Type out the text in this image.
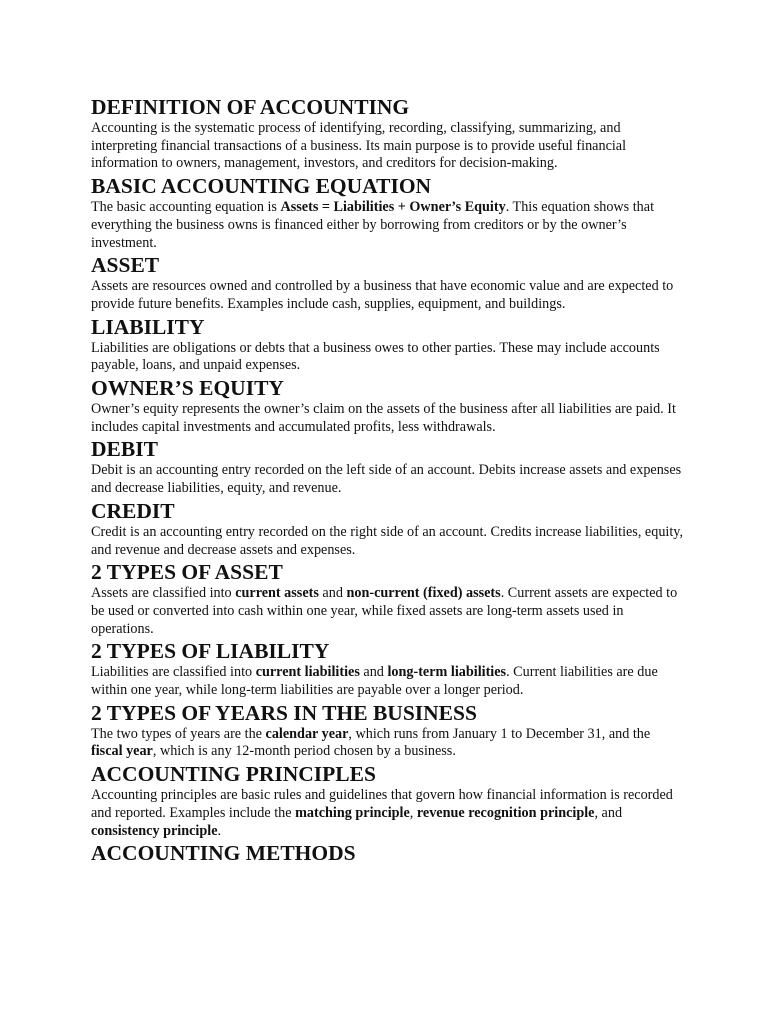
DEFINITION OF ACCOUNTING

Accounting is the systematic process of identifying, recording, classifying, summarizing, and interpreting financial transactions of a business. Its main purpose is to provide useful financial information to owners, management, investors, and creditors for decision-making.

BASIC ACCOUNTING EQUATION

The basic accounting equation is Assets = Liabilities + Owner’s Equity. This equation shows that everything the business owns is financed either by borrowing from creditors or by the owner’s investment.

ASSET

Assets are resources owned and controlled by a business that have economic value and are expected to provide future benefits. Examples include cash, supplies, equipment, and buildings.

LIABILITY

Liabilities are obligations or debts that a business owes to other parties. These may include accounts payable, loans, and unpaid expenses.

OWNER’S EQUITY

Owner’s equity represents the owner’s claim on the assets of the business after all liabilities are paid. It includes capital investments and accumulated profits, less withdrawals.

DEBIT

Debit is an accounting entry recorded on the left side of an account. Debits increase assets and expenses and decrease liabilities, equity, and revenue.

CREDIT

Credit is an accounting entry recorded on the right side of an account. Credits increase liabilities, equity, and revenue and decrease assets and expenses.

2 TYPES OF ASSET

Assets are classified into current assets and non-current (fixed) assets. Current assets are expected to be used or converted into cash within one year, while fixed assets are long-term assets used in operations.

2 TYPES OF LIABILITY

Liabilities are classified into current liabilities and long-term liabilities. Current liabilities are due within one year, while long-term liabilities are payable over a longer period.

2 TYPES OF YEARS IN THE BUSINESS

The two types of years are the calendar year, which runs from January 1 to December 31, and the fiscal year, which is any 12-month period chosen by a business.

ACCOUNTING PRINCIPLES

Accounting principles are basic rules and guidelines that govern how financial information is recorded and reported. Examples include the matching principle, revenue recognition principle, and consistency principle.

ACCOUNTING METHODS
